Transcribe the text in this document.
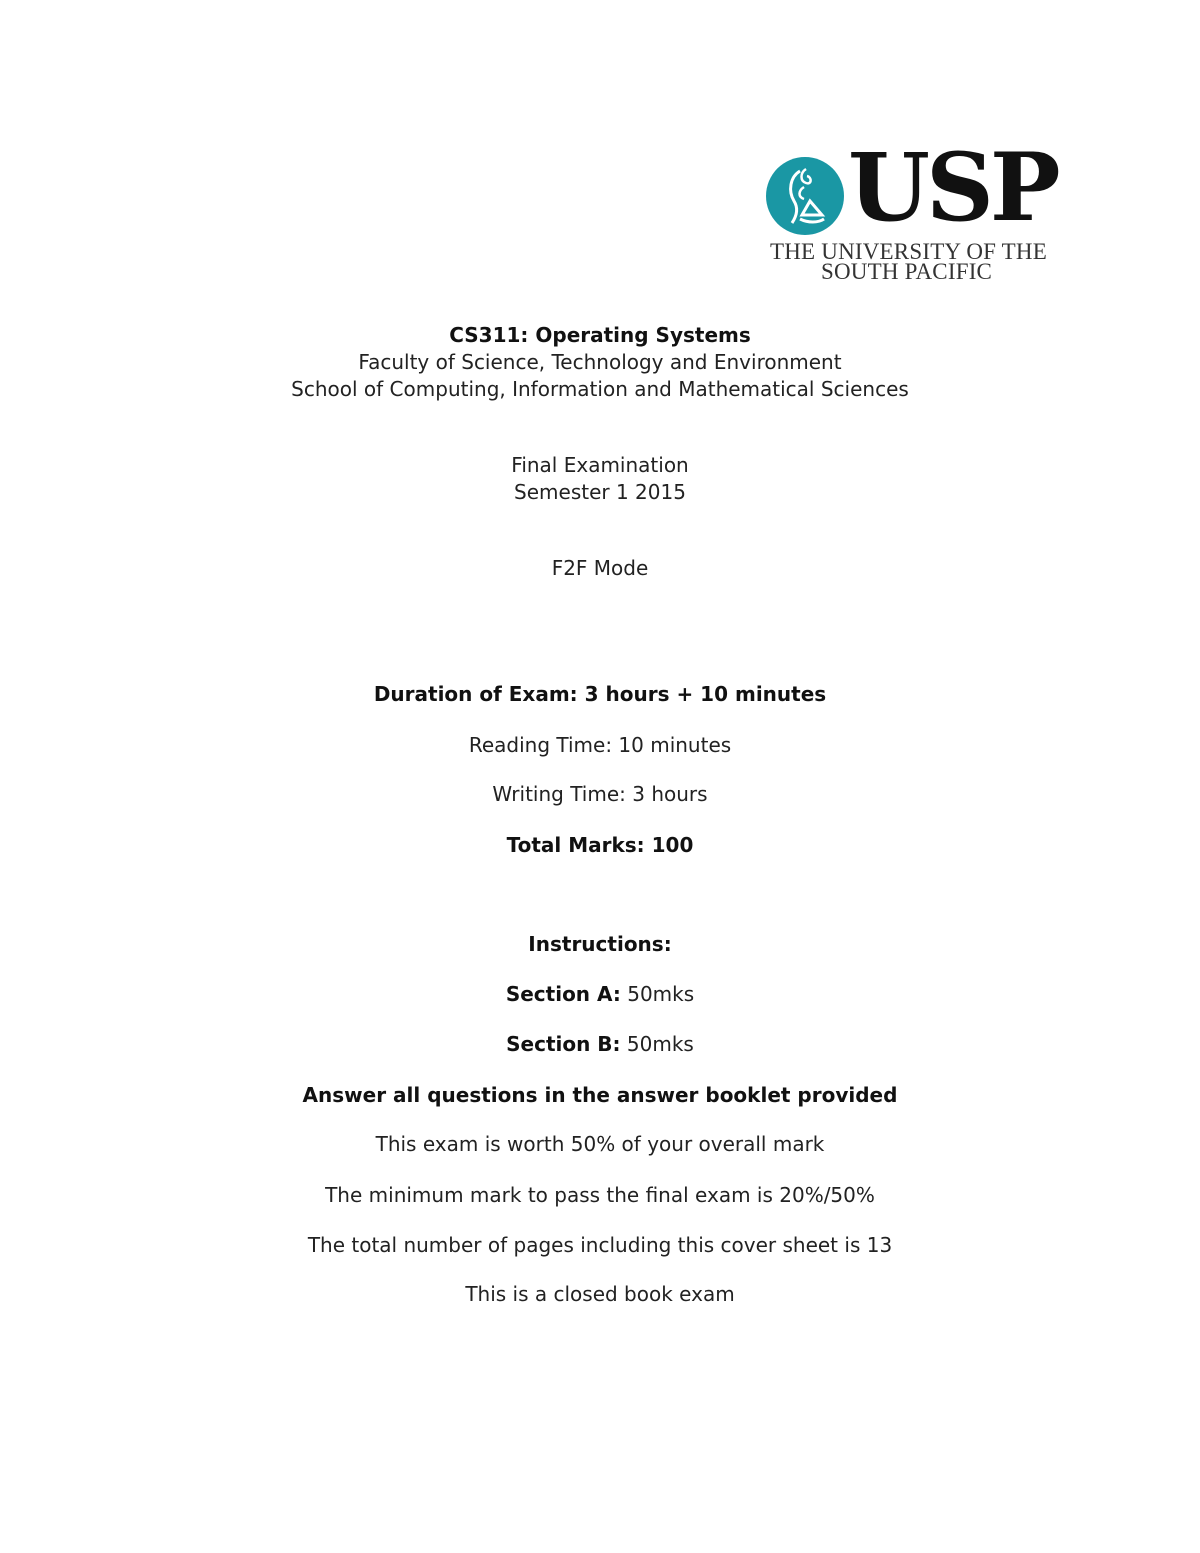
USP
THE UNIVERSITY OF THE
SOUTH PACIFIC
CS311: Operating Systems
Faculty of Science, Technology and Environment
School of Computing, Information and Mathematical Sciences
Final Examination
Semester 1 2015
F2F Mode
Duration of Exam: 3 hours + 10 minutes
Reading Time: 10 minutes
Writing Time: 3 hours
Total Marks: 100
Instructions:
Section A: 50mks
Section B: 50mks
Answer all questions in the answer booklet provided
This exam is worth 50% of your overall mark
The minimum mark to pass the final exam is 20%/50%
The total number of pages including this cover sheet is 13
This is a closed book exam
